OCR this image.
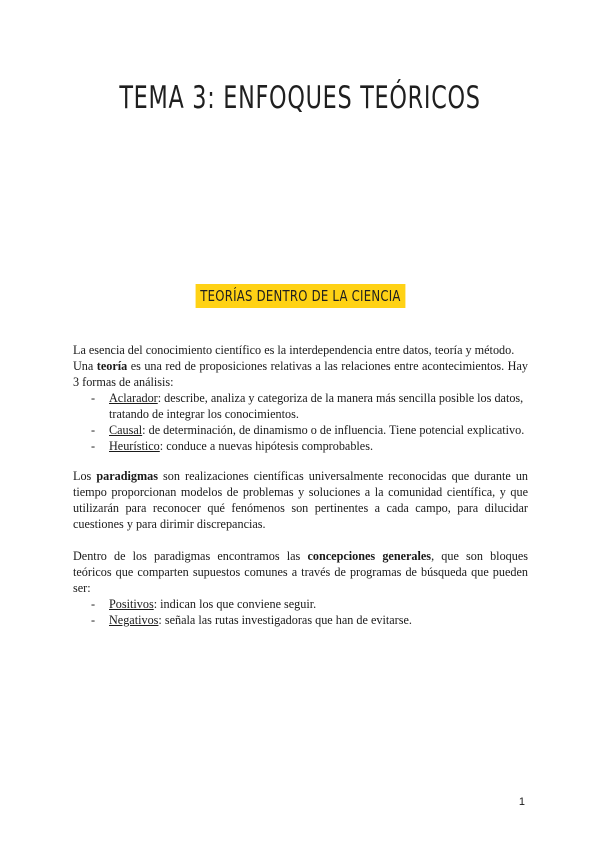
TEMA 3: ENFOQUES TEÓRICOS
TEORÍAS DENTRO DE LA CIENCIA
La esencia del conocimiento científico es la interdependencia entre datos, teoría y método.
Una teoría es una red de proposiciones relativas a las relaciones entre acontecimientos. Hay 3 formas de análisis:
- Aclarador: describe, analiza y categoriza de la manera más sencilla posible los datos, tratando de integrar los conocimientos.
- Causal: de determinación, de dinamismo o de influencia. Tiene potencial explicativo.
- Heurístico: conduce a nuevas hipótesis comprobables.
Los paradigmas son realizaciones científicas universalmente reconocidas que durante un tiempo proporcionan modelos de problemas y soluciones a la comunidad científica, y que utilizarán para reconocer qué fenómenos son pertinentes a cada campo, para dilucidar cuestiones y para dirimir discrepancias.
Dentro de los paradigmas encontramos las concepciones generales, que son bloques teóricos que comparten supuestos comunes a través de programas de búsqueda que pueden ser:
- Positivos: indican los que conviene seguir.
- Negativos: señala las rutas investigadoras que han de evitarse.
1
